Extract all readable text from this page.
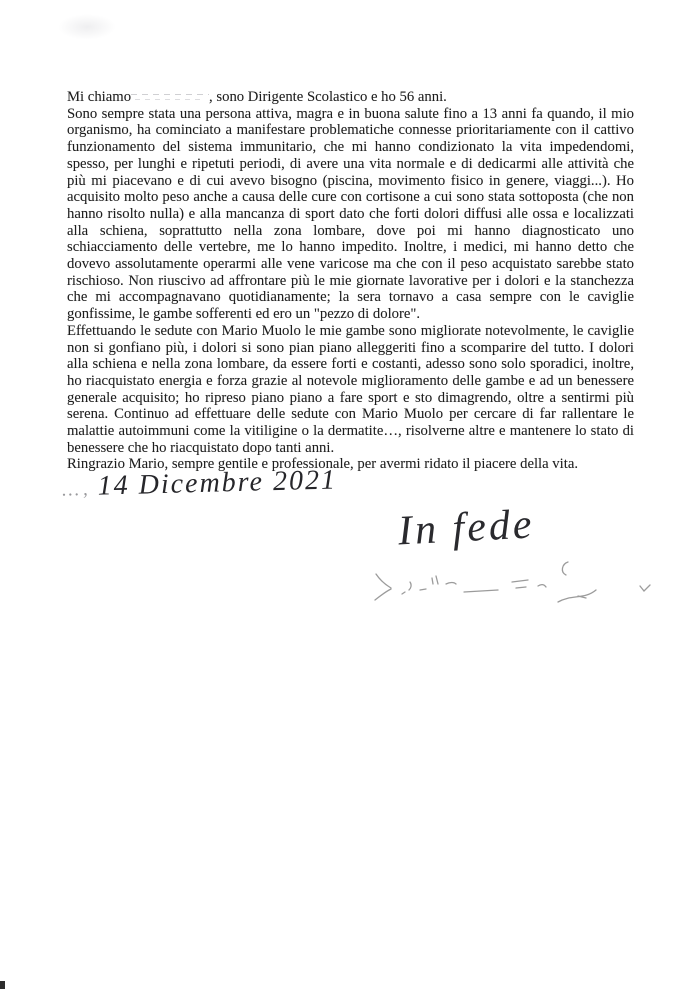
Mi chiamo	, sono Dirigente Scolastico e ho 56 anni.

Sono sempre stata una persona attiva, magra e in buona salute fino a 13 anni fa quando, il mio organismo, ha cominciato a manifestare problematiche connesse prioritariamente con il cattivo funzionamento del sistema immunitario, che mi hanno condizionato la vita impedendomi, spesso, per lunghi e ripetuti periodi, di avere una vita normale e di dedicarmi alle attività che più mi piacevano e di cui avevo bisogno (piscina, movimento fisico in genere, viaggi...). Ho acquisito molto peso anche a causa delle cure con cortisone a cui sono stata sottoposta (che non hanno risolto nulla) e alla mancanza di sport dato che forti dolori diffusi alle ossa e localizzati alla schiena, soprattutto nella zona lombare, dove poi mi hanno diagnosticato uno schiacciamento delle vertebre, me lo hanno impedito. Inoltre, i medici, mi hanno detto che dovevo assolutamente operarmi alle vene varicose ma che con il peso acquistato sarebbe stato rischioso. Non riuscivo ad affrontare più le mie giornate lavorative per i dolori e la stanchezza che mi accompagnavano quotidianamente; la sera tornavo a casa sempre con le caviglie gonfissime, le gambe sofferenti ed ero un "pezzo di dolore".

Effettuando le sedute con Mario Muolo le mie gambe sono migliorate notevolmente, le caviglie non si gonfiano più, i dolori si sono pian piano alleggeriti fino a scomparire del tutto. I dolori alla schiena e nella zona lombare, da essere forti e costanti, adesso sono solo sporadici, inoltre, ho riacquistato energia e forza grazie al notevole miglioramento delle gambe e ad un benessere generale acquisito; ho ripreso piano piano a fare sport e sto dimagrendo, oltre a sentirmi più serena. Continuo ad effettuare delle sedute con Mario Muolo per cercare di far rallentare le malattie autoimmuni come la vitiligine o la dermatite…, risolverne altre e mantenere lo stato di benessere che ho riacquistato dopo tanti anni.

Ringrazio Mario, sempre gentile e professionale, per avermi ridato il piacere della vita.

…, 14 Dicembre 2021
In fede
